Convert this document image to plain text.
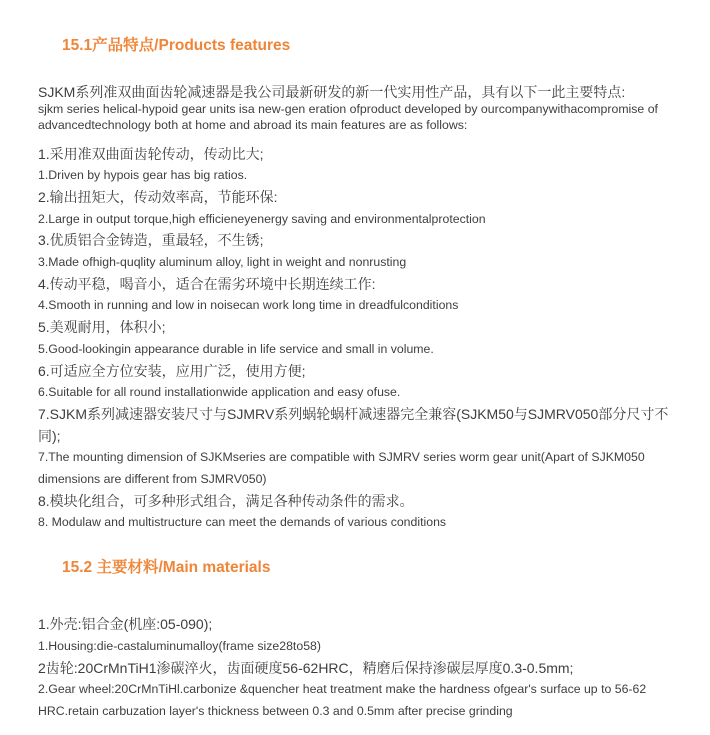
15.1产品特点/Products features
SJKM系列准双曲面齿轮减速器是我公司最新研发的新一代实用性产品，具有以下一此主要特点:
sjkm series helical-hypoid gear units isa new-gen eration ofproduct developed by ourcompanywithacompromise of  advancedtechnology both at home and abroad its main features are as follows:
1.采用准双曲面齿轮传动，传动比大;
1.Driven by hypois gear has big ratios.
2.输出扭矩大，传动效率高，节能环保:
2.Large in output torque,high efficieneyenergy saving and environmentalprotection
3.优质铝合金铸造，重最轻，不生锈;
3.Made ofhigh-quqlity aluminum alloy, light in weight and nonrusting
4.传动平稳，喝音小，适合在需劣环境中长期连续工作:
4.Smooth in running and low in noisecan work long time in dreadfulconditions
5.美观耐用，体积小;
5.Good-lookingin appearance durable in life service and small in volume.
6.可适应全方位安装，应用广泛，使用方便;
6.Suitable for all round installationwide application and easy ofuse.
7.SJKM系列减速器安装尺寸与SJMRV系列蜗轮蜗杆减速器完全兼容(SJKM50与SJMRV050部分尺寸不同);
7.The mounting dimension of SJKMseries are compatible with SJMRV series worm gear unit(Apart of SJKM050 dimensions are different from SJMRV050)
8.模块化组合，可多种形式组合，满足各种传动条件的需求。
8. Modulaw and multistructure can meet the demands of various conditions
15.2 主要材料/Main materials
1.外壳:铝合金(机座:05-090);
1.Housing:die-castaluminumalloy(frame size28to58)
2齿轮:20CrMnTiH1渗碳淬火，齿面硬度56-62HRC，精磨后保持渗碳层厚度0.3-0.5mm;
2.Gear wheel:20CrMnTiHl.carbonize &quencher heat treatment make the hardness ofgear's surface up to 56-62 HRC.retain carbuzation layer's thickness between 0.3 and 0.5mm after precise grinding
